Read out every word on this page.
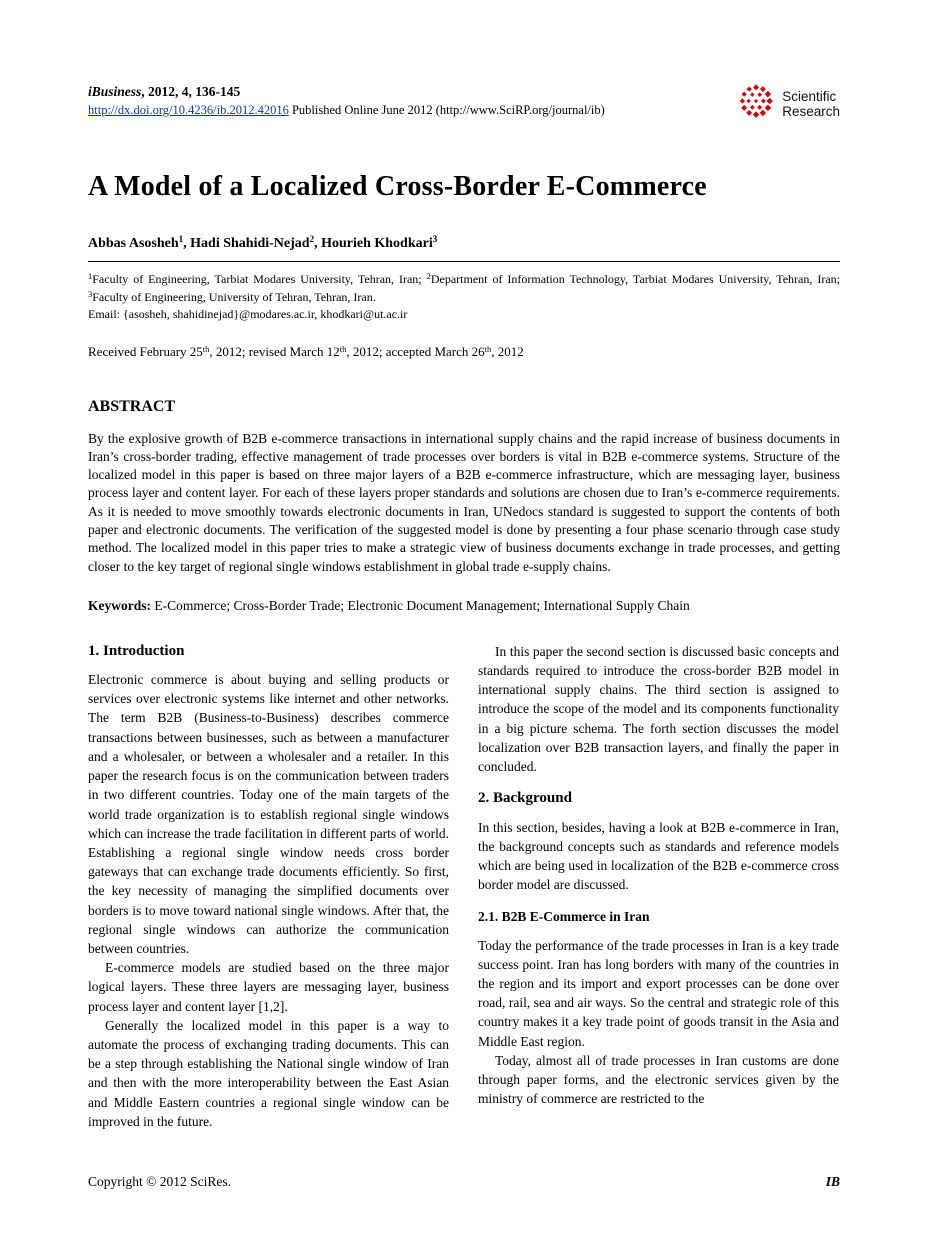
iBusiness, 2012, 4, 136-145
http://dx.doi.org/10.4236/ib.2012.42016 Published Online June 2012 (http://www.SciRP.org/journal/ib)
Scientific
Research
A Model of a Localized Cross-Border E-Commerce
Abbas Asosheh$^1$, Hadi Shahidi-Nejad$^2$, Hourieh Khodkari$^3$
$^1$Faculty of Engineering, Tarbiat Modares University, Tehran, Iran; $^2$Department of Information Technology, Tarbiat Modares University, Tehran, Iran; $^3$Faculty of Engineering, University of Tehran, Tehran, Iran.
Email: {asosheh, shahidinejad}@modares.ac.ir, khodkari@ut.ac.ir
Received February 25th, 2012; revised March 12th, 2012; accepted March 26th, 2012
ABSTRACT
By the explosive growth of B2B e-commerce transactions in international supply chains and the rapid increase of business documents in Iran’s cross-border trading, effective management of trade processes over borders is vital in B2B e-commerce systems. Structure of the localized model in this paper is based on three major layers of a B2B e-commerce infrastructure, which are messaging layer, business process layer and content layer. For each of these layers proper standards and solutions are chosen due to Iran’s e-commerce requirements. As it is needed to move smoothly towards electronic documents in Iran, UNedocs standard is suggested to support the contents of both paper and electronic documents. The verification of the suggested model is done by presenting a four phase scenario through case study method. The localized model in this paper tries to make a strategic view of business documents exchange in trade processes, and getting closer to the key target of regional single windows establishment in global trade e-supply chains.
Keywords: E-Commerce; Cross-Border Trade; Electronic Document Management; International Supply Chain
1. Introduction

Electronic commerce is about buying and selling products or services over electronic systems like internet and other networks. The term B2B (Business-to-Business) describes commerce transactions between businesses, such as between a manufacturer and a wholesaler, or between a wholesaler and a retailer. In this paper the research focus is on the communication between traders in two different countries. Today one of the main targets of the world trade organization is to establish regional single windows which can increase the trade facilitation in different parts of world. Establishing a regional single window needs cross border gateways that can exchange trade documents efficiently. So first, the key necessity of managing the simplified documents over borders is to move toward national single windows. After that, the regional single windows can authorize the communication between countries.

E-commerce models are studied based on the three major logical layers. These three layers are messaging layer, business process layer and content layer [1,2].

Generally the localized model in this paper is a way to automate the process of exchanging trading documents. This can be a step through establishing the National single window of Iran and then with the more interoperability between the East Asian and Middle Eastern countries a regional single window can be improved in the future.

In this paper the second section is discussed basic concepts and standards required to introduce the cross-border B2B model in international supply chains. The third section is assigned to introduce the scope of the model and its components functionality in a big picture schema. The forth section discusses the model localization over B2B transaction layers, and finally the paper in concluded.

2. Background

In this section, besides, having a look at B2B e-commerce in Iran, the background concepts such as standards and reference models which are being used in localization of the B2B e-commerce cross border model are discussed.

2.1. B2B E-Commerce in Iran

Today the performance of the trade processes in Iran is a key trade success point. Iran has long borders with many of the countries in the region and its import and export processes can be done over road, rail, sea and air ways. So the central and strategic role of this country makes it a key trade point of goods transit in the Asia and Middle East region.

Today, almost all of trade processes in Iran customs are done through paper forms, and the electronic services given by the ministry of commerce are restricted to the

Copyright © 2012 SciRes.	IB
